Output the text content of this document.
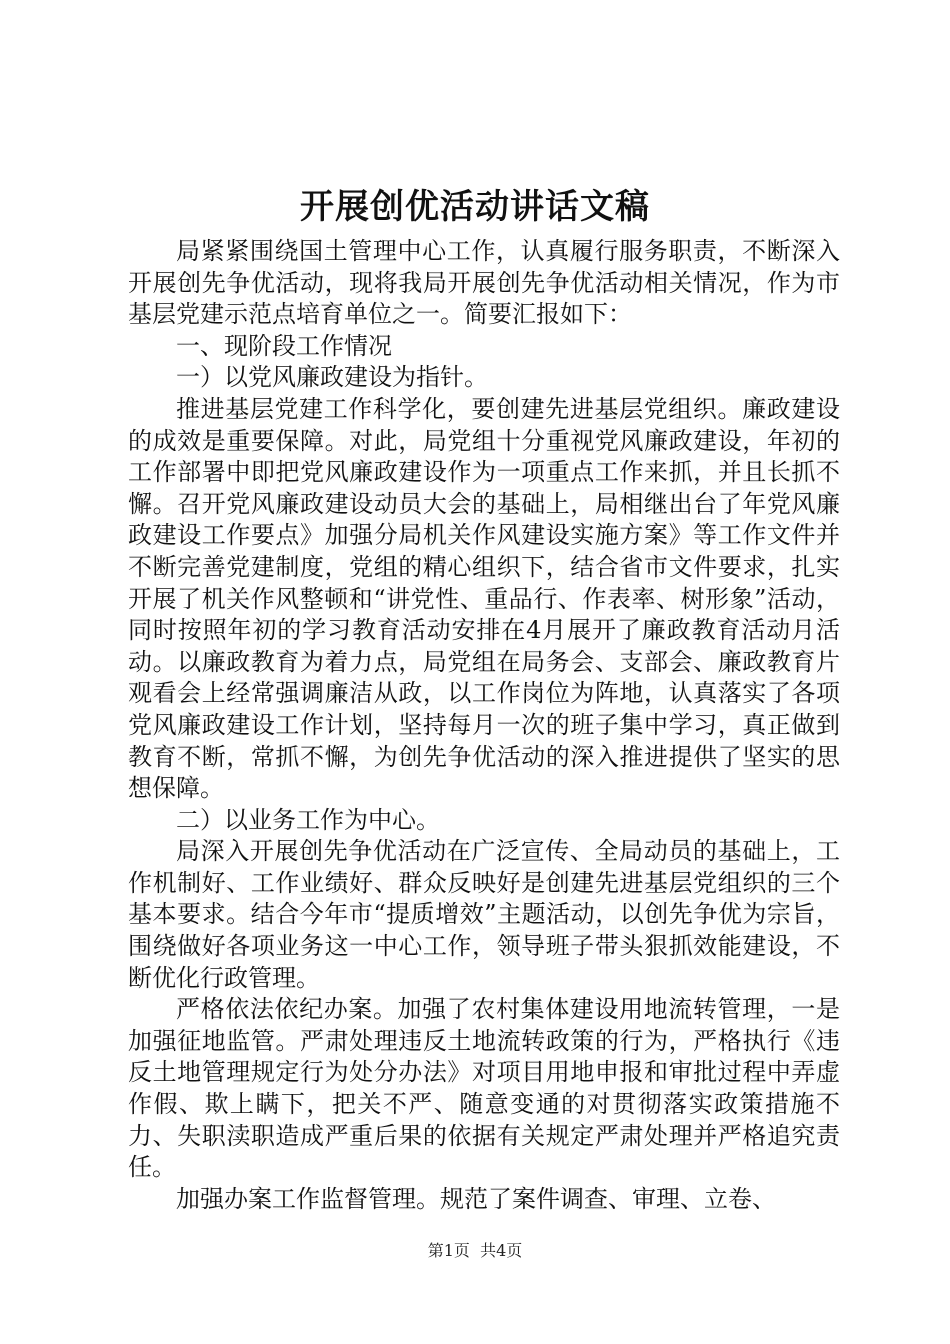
开展创优活动讲话文稿

局紧紧围绕国土管理中心工作，认真履行服务职责，不断深入开展创先争优活动，现将我局开展创先争优活动相关情况，作为市基层党建示范点培育单位之一。简要汇报如下：

一、现阶段工作情况

一）以党风廉政建设为指针。

推进基层党建工作科学化，要创建先进基层党组织。廉政建设的成效是重要保障。对此，局党组十分重视党风廉政建设，年初的工作部署中即把党风廉政建设作为一项重点工作来抓，并且长抓不懈。召开党风廉政建设动员大会的基础上，局相继出台了年党风廉政建设工作要点》加强分局机关作风建设实施方案》等工作文件并不断完善党建制度，党组的精心组织下，结合省市文件要求，扎实开展了机关作风整顿和“讲党性、重品行、作表率、树形象”活动，同时按照年初的学习教育活动安排在4月展开了廉政教育活动月活动。以廉政教育为着力点，局党组在局务会、支部会、廉政教育片观看会上经常强调廉洁从政，以工作岗位为阵地，认真落实了各项党风廉政建设工作计划，坚持每月一次的班子集中学习，真正做到教育不断，常抓不懈，为创先争优活动的深入推进提供了坚实的思想保障。

二）以业务工作为中心。

局深入开展创先争优活动在广泛宣传、全局动员的基础上，工作机制好、工作业绩好、群众反映好是创建先进基层党组织的三个基本要求。结合今年市“提质增效”主题活动，以创先争优为宗旨，围绕做好各项业务这一中心工作，领导班子带头狠抓效能建设，不断优化行政管理。

严格依法依纪办案。加强了农村集体建设用地流转管理，一是加强征地监管。严肃处理违反土地流转政策的行为，严格执行《违反土地管理规定行为处分办法》对项目用地申报和审批过程中弄虚作假、欺上瞒下，把关不严、随意变通的对贯彻落实政策措施不力、失职渎职造成严重后果的依据有关规定严肃处理并严格追究责任。

加强办案工作监督管理。规范了案件调查、审理、立卷、

第1页  共4页
